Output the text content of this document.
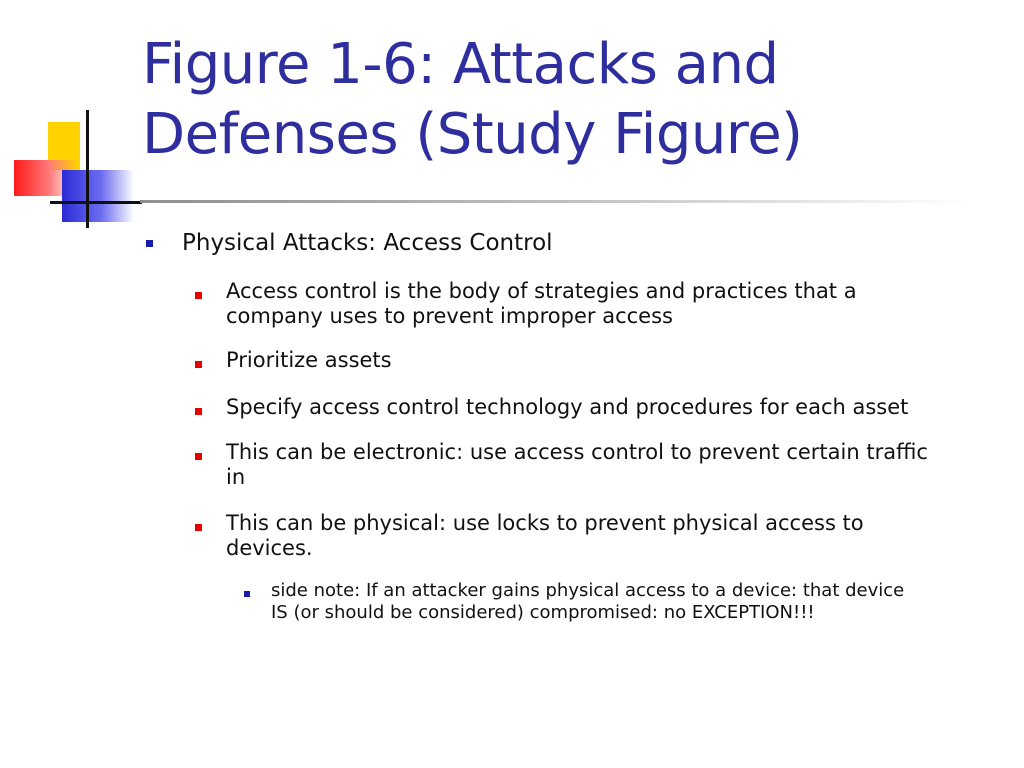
Figure 1-6: Attacks and
Defenses (Study Figure)
Physical Attacks: Access Control
Access control is the body of strategies and practices that a
company uses to prevent improper access
Prioritize assets
Specify access control technology and procedures for each asset
This can be electronic: use access control to prevent certain traffic
in
This can be physical: use locks to prevent physical access to
devices.
side note: If an attacker gains physical access to a device: that device
IS (or should be considered) compromised: no EXCEPTION!!!
